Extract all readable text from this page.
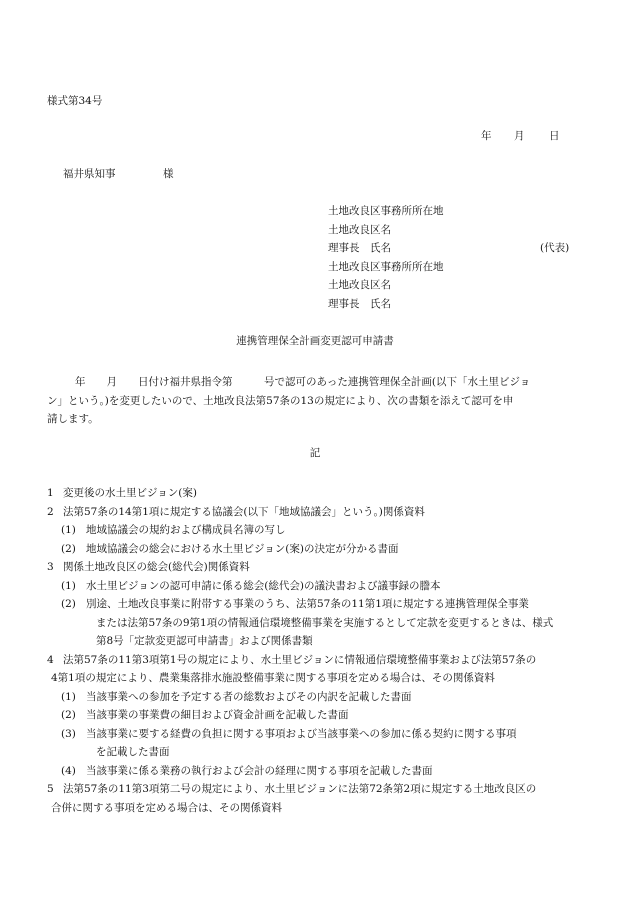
様式第34号
年 月 日
福井県知事	様
土地改良区事務所所在地
土地改良区名
理事長　氏名	(代表)
土地改良区事務所所在地
土地改良区名
理事長　氏名
連携管理保全計画変更認可申請書
年　　月　　日付け福井県指令第　　　号で認可のあった連携管理保全計画(以下「水土里ビジョ
ン」という。)を変更したいので、土地改良法第57条の13の規定により、次の書類を添えて認可を申
請します。
記
1 変更後の水土里ビジョン(案)
2 法第57条の14第1項に規定する協議会(以下「地域協議会」という。)関係資料
(1) 地域協議会の規約および構成員名簿の写し
(2) 地域協議会の総会における水土里ビジョン(案)の決定が分かる書面
3 関係土地改良区の総会(総代会)関係資料
(1) 水土里ビジョンの認可申請に係る総会(総代会)の議決書および議事録の謄本
(2) 別途、土地改良事業に附帯する事業のうち、法第57条の11第1項に規定する連携管理保全事業
または法第57条の9第1項の情報通信環境整備事業を実施するとして定款を変更するときは、様式
第8号「定款変更認可申請書」および関係書類
4 法第57条の11第3項第1号の規定により、水土里ビジョンに情報通信環境整備事業および法第57条の
4第1項の規定により、農業集落排水施設整備事業に関する事項を定める場合は、その関係資料
(1) 当該事業への参加を予定する者の総数およびその内訳を記載した書面
(2) 当該事業の事業費の細目および資金計画を記載した書面
(3) 当該事業に要する経費の負担に関する事項および当該事業への参加に係る契約に関する事項
を記載した書面
(4) 当該事業に係る業務の執行および会計の経理に関する事項を記載した書面
5 法第57条の11第3項第二号の規定により、水土里ビジョンに法第72条第2項に規定する土地改良区の
合併に関する事項を定める場合は、その関係資料
